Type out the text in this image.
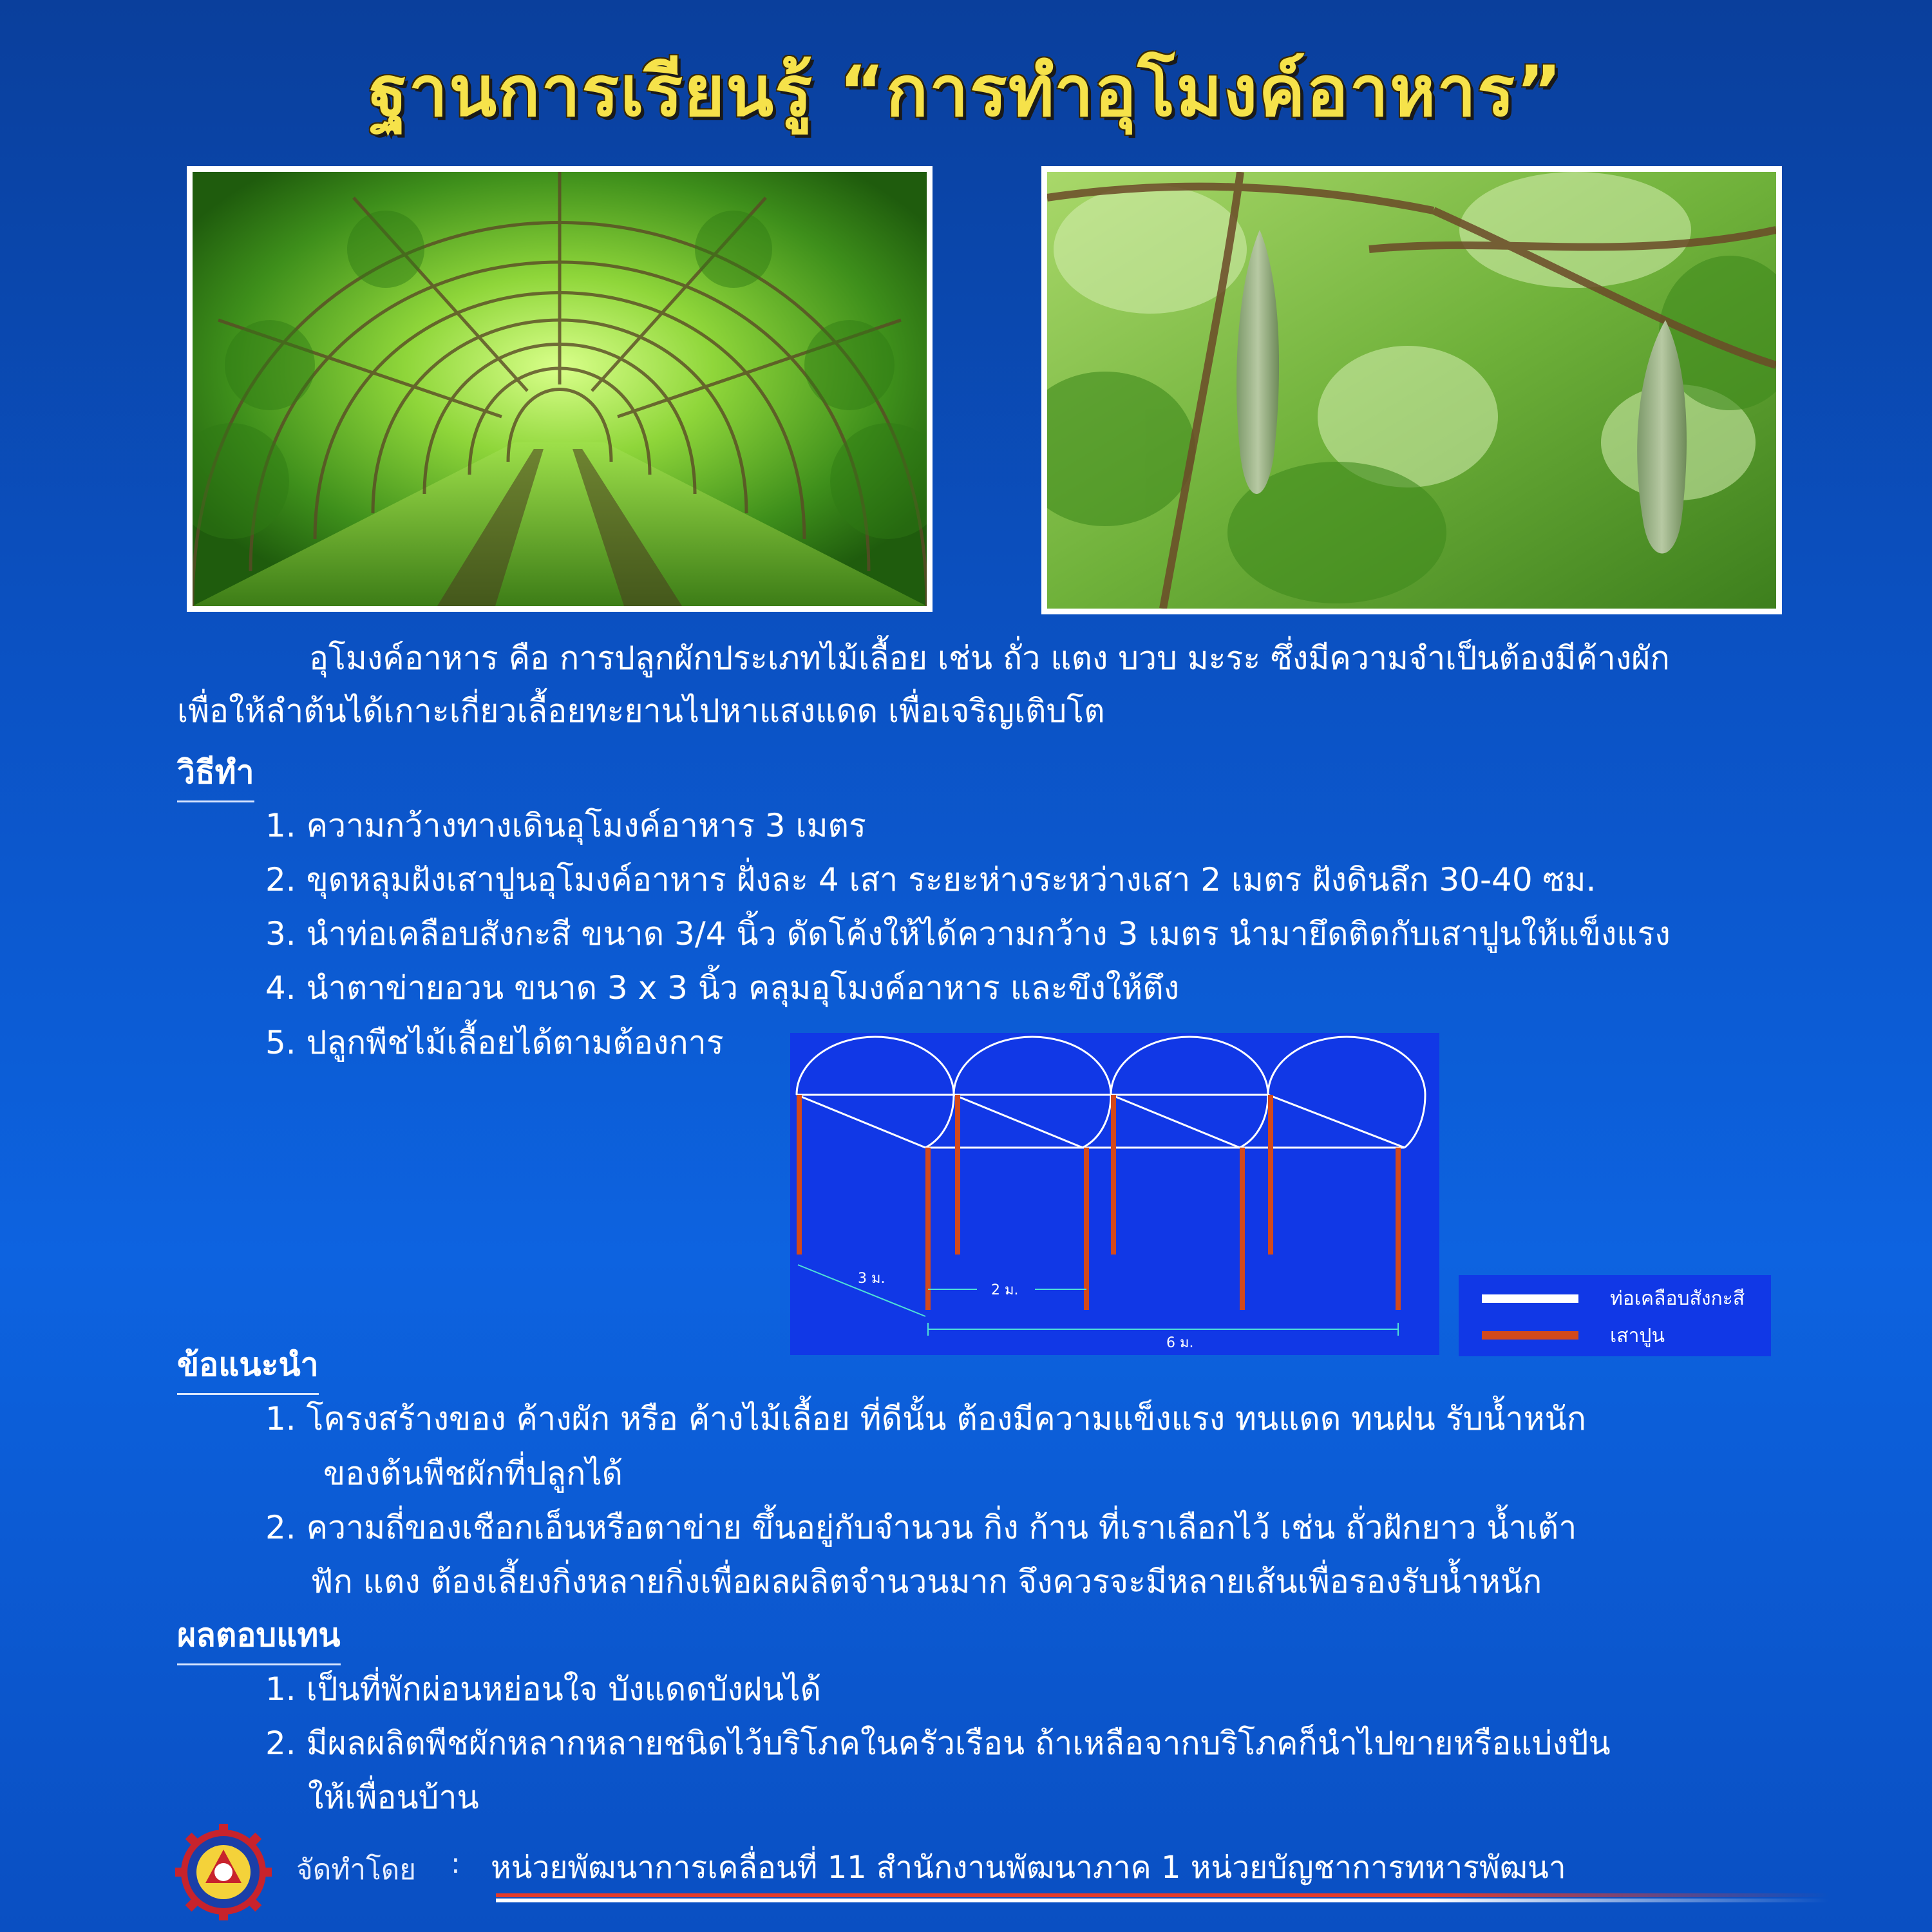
ฐานการเรียนรู้ “การทำอุโมงค์อาหาร”
อุโมงค์อาหาร คือ การปลูกผักประเภทไม้เลื้อย เช่น ถั่ว แตง บวบ มะระ ซึ่งมีความจำเป็นต้องมีค้างผัก
เพื่อให้ลำต้นได้เกาะเกี่ยวเลื้อยทะยานไปหาแสงแดด เพื่อเจริญเติบโต
วิธีทำ
1. ความกว้างทางเดินอุโมงค์อาหาร 3 เมตร
2. ขุดหลุมฝังเสาปูนอุโมงค์อาหาร ฝั่งละ 4 เสา ระยะห่างระหว่างเสา 2 เมตร ฝังดินลึก 30-40 ซม.
3. นำท่อเคลือบสังกะสี ขนาด 3/4 นิ้ว ดัดโค้งให้ได้ความกว้าง 3 เมตร นำมายึดติดกับเสาปูนให้แข็งแรง
4. นำตาข่ายอวน ขนาด 3 x 3 นิ้ว คลุมอุโมงค์อาหาร และขึงให้ตึง
5. ปลูกพืชไม้เลื้อยได้ตามต้องการ
3 ม.
2 ม.
6 ม.
ท่อเคลือบสังกะสี
เสาปูน
ข้อแนะนำ
1. โครงสร้างของ ค้างผัก หรือ ค้างไม้เลื้อย ที่ดีนั้น ต้องมีความแข็งแรง ทนแดด ทนฝน รับน้ำหนัก
ของต้นพืชผักที่ปลูกได้
2. ความถี่ของเชือกเอ็นหรือตาข่าย ขึ้นอยู่กับจำนวน กิ่ง ก้าน ที่เราเลือกไว้ เช่น ถั่วฝักยาว น้ำเต้า
ฟัก แตง ต้องเลี้ยงกิ่งหลายกิ่งเพื่อผลผลิตจำนวนมาก จึงควรจะมีหลายเส้นเพื่อรองรับน้ำหนัก
ผลตอบแทน
1. เป็นที่พักผ่อนหย่อนใจ บังแดดบังฝนได้
2. มีผลผลิตพืชผักหลากหลายชนิดไว้บริโภคในครัวเรือน ถ้าเหลือจากบริโภคก็นำไปขายหรือแบ่งปัน
ให้เพื่อนบ้าน
จัดทำโดย : หน่วยพัฒนาการเคลื่อนที่ 11 สำนักงานพัฒนาภาค 1 หน่วยบัญชาการทหารพัฒนา
